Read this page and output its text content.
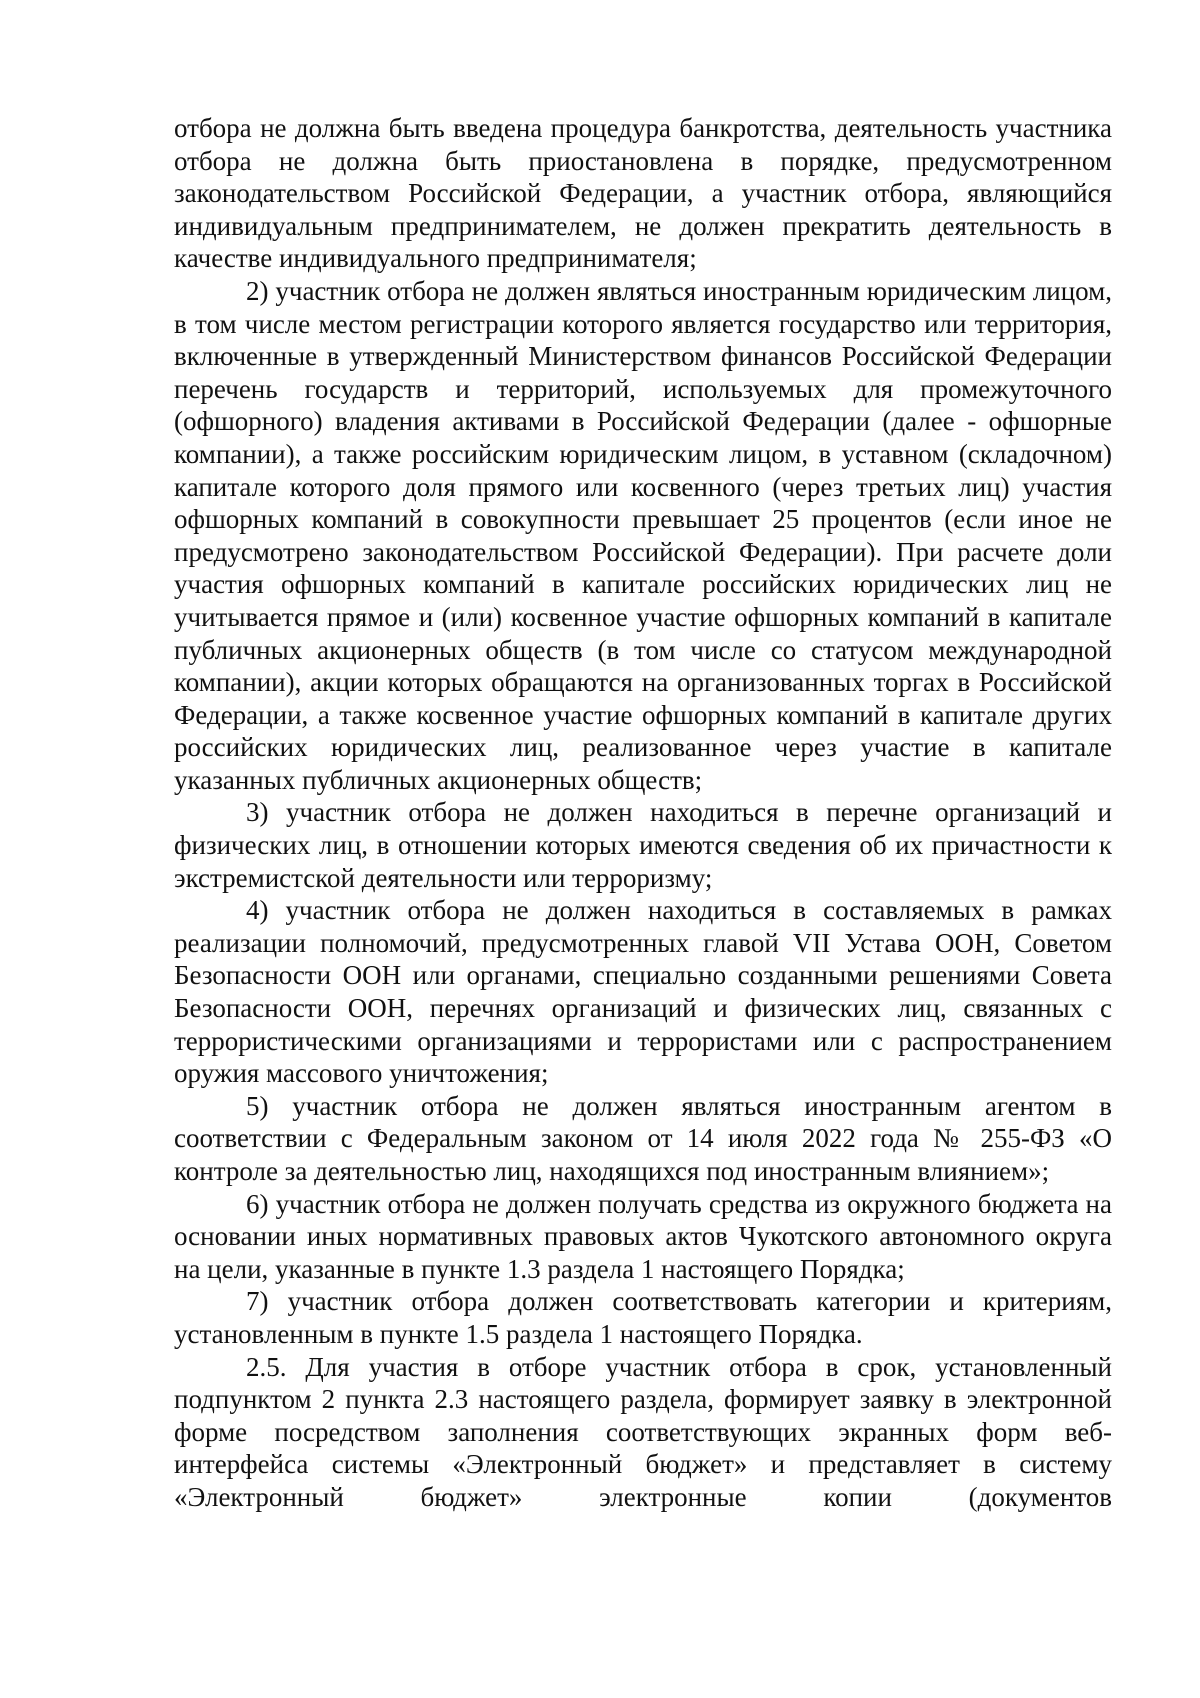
отбора не должна быть введена процедура банкротства, деятельность участника отбора не должна быть приостановлена в порядке, предусмотренном законодательством Российской Федерации, а участник отбора, являющийся индивидуальным предпринимателем, не должен прекратить деятельность в качестве индивидуального предпринимателя;

2) участник отбора не должен являться иностранным юридическим лицом, в том числе местом регистрации которого является государство или территория, включенные в утвержденный Министерством финансов Российской Федерации перечень государств и территорий, используемых для промежуточного (офшорного) владения активами в Российской Федерации (далее - офшорные компании), а также российским юридическим лицом, в уставном (складочном) капитале которого доля прямого или косвенного (через третьих лиц) участия офшорных компаний в совокупности превышает 25 процентов (если иное не предусмотрено законодательством Российской Федерации). При расчете доли участия офшорных компаний в капитале российских юридических лиц не учитывается прямое и (или) косвенное участие офшорных компаний в капитале публичных акционерных обществ (в том числе со статусом международной компании), акции которых обращаются на организованных торгах в Российской Федерации, а также косвенное участие офшорных компаний в капитале других российских юридических лиц, реализованное через участие в капитале указанных публичных акционерных обществ;

3) участник отбора не должен находиться в перечне организаций и физических лиц, в отношении которых имеются сведения об их причастности к экстремистской деятельности или терроризму;

4) участник отбора не должен находиться в составляемых в рамках реализации полномочий, предусмотренных главой VII Устава ООН, Советом Безопасности ООН или органами, специально созданными решениями Совета Безопасности ООН, перечнях организаций и физических лиц, связанных с террористическими организациями и террористами или с распространением оружия массового уничтожения;

5) участник отбора не должен являться иностранным агентом в соответствии с Федеральным законом от 14 июля 2022 года № 255-ФЗ «О контроле за деятельностью лиц, находящихся под иностранным влиянием»;

6) участник отбора не должен получать средства из окружного бюджета на основании иных нормативных правовых актов Чукотского автономного округа на цели, указанные в пункте 1.3 раздела 1 настоящего Порядка;

7) участник отбора должен соответствовать категории и критериям, установленным в пункте 1.5 раздела 1 настоящего Порядка.

2.5. Для участия в отборе участник отбора в срок, установленный подпунктом 2 пункта 2.3 настоящего раздела, формирует заявку в электронной форме посредством заполнения соответствующих экранных форм веб-интерфейса системы «Электронный бюджет» и представляет в систему «Электронный бюджет» электронные копии (документов
